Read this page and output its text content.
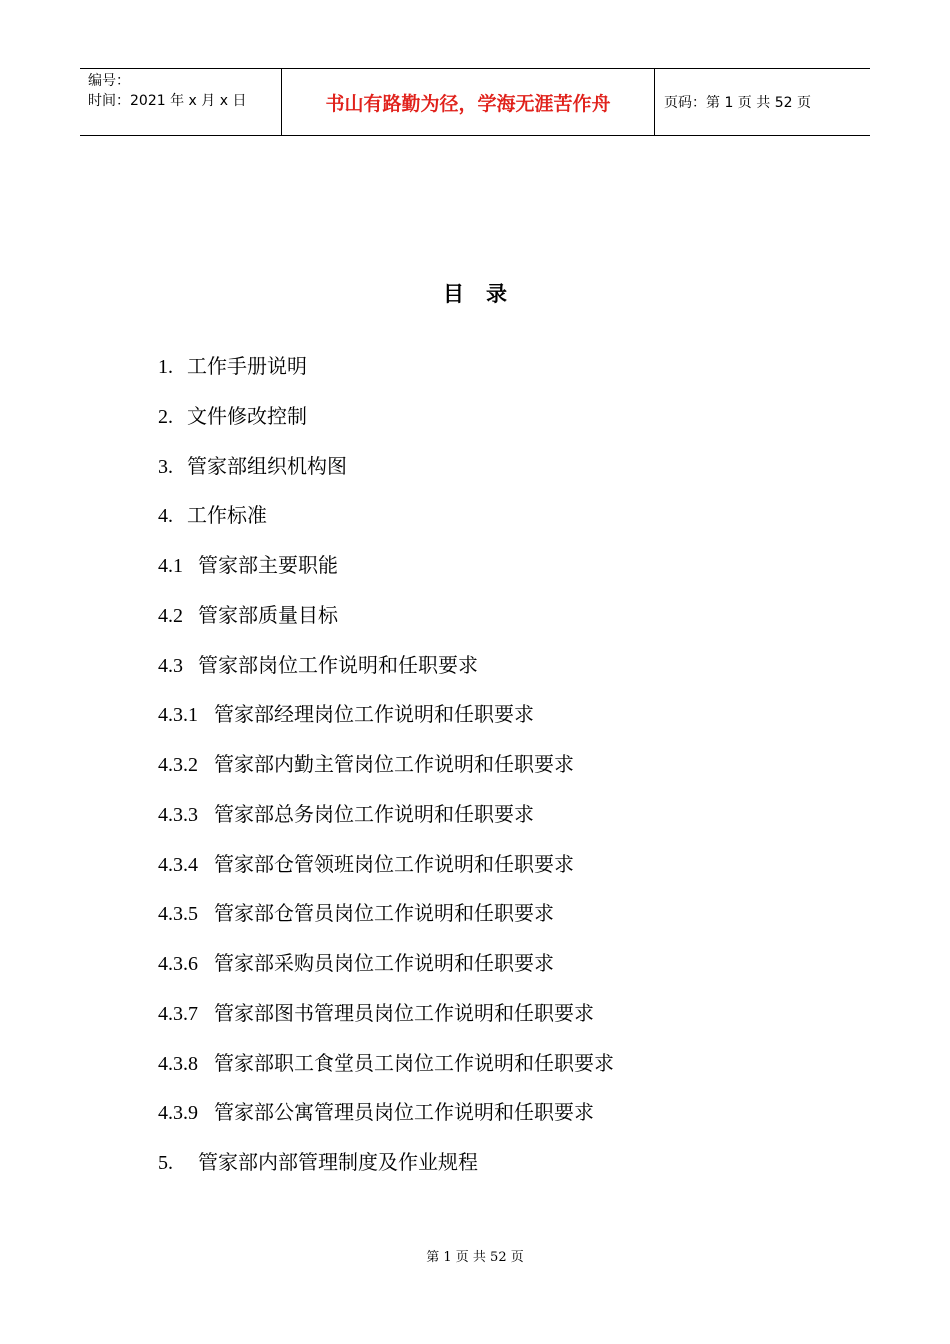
编号：
时间：2021 年 x 月 x 日	书山有路勤为径，学海无涯苦作舟	页码：第 1 页 共 52 页
目录
1. 工作手册说明
2. 文件修改控制
3. 管家部组织机构图
4. 工作标准
4.1 管家部主要职能
4.2 管家部质量目标
4.3 管家部岗位工作说明和任职要求
4.3.1 管家部经理岗位工作说明和任职要求
4.3.2 管家部内勤主管岗位工作说明和任职要求
4.3.3 管家部总务岗位工作说明和任职要求
4.3.4 管家部仓管领班岗位工作说明和任职要求
4.3.5 管家部仓管员岗位工作说明和任职要求
4.3.6 管家部采购员岗位工作说明和任职要求
4.3.7 管家部图书管理员岗位工作说明和任职要求
4.3.8 管家部职工食堂员工岗位工作说明和任职要求
4.3.9 管家部公寓管理员岗位工作说明和任职要求
5. 管家部内部管理制度及作业规程
第 1 页 共 52 页
